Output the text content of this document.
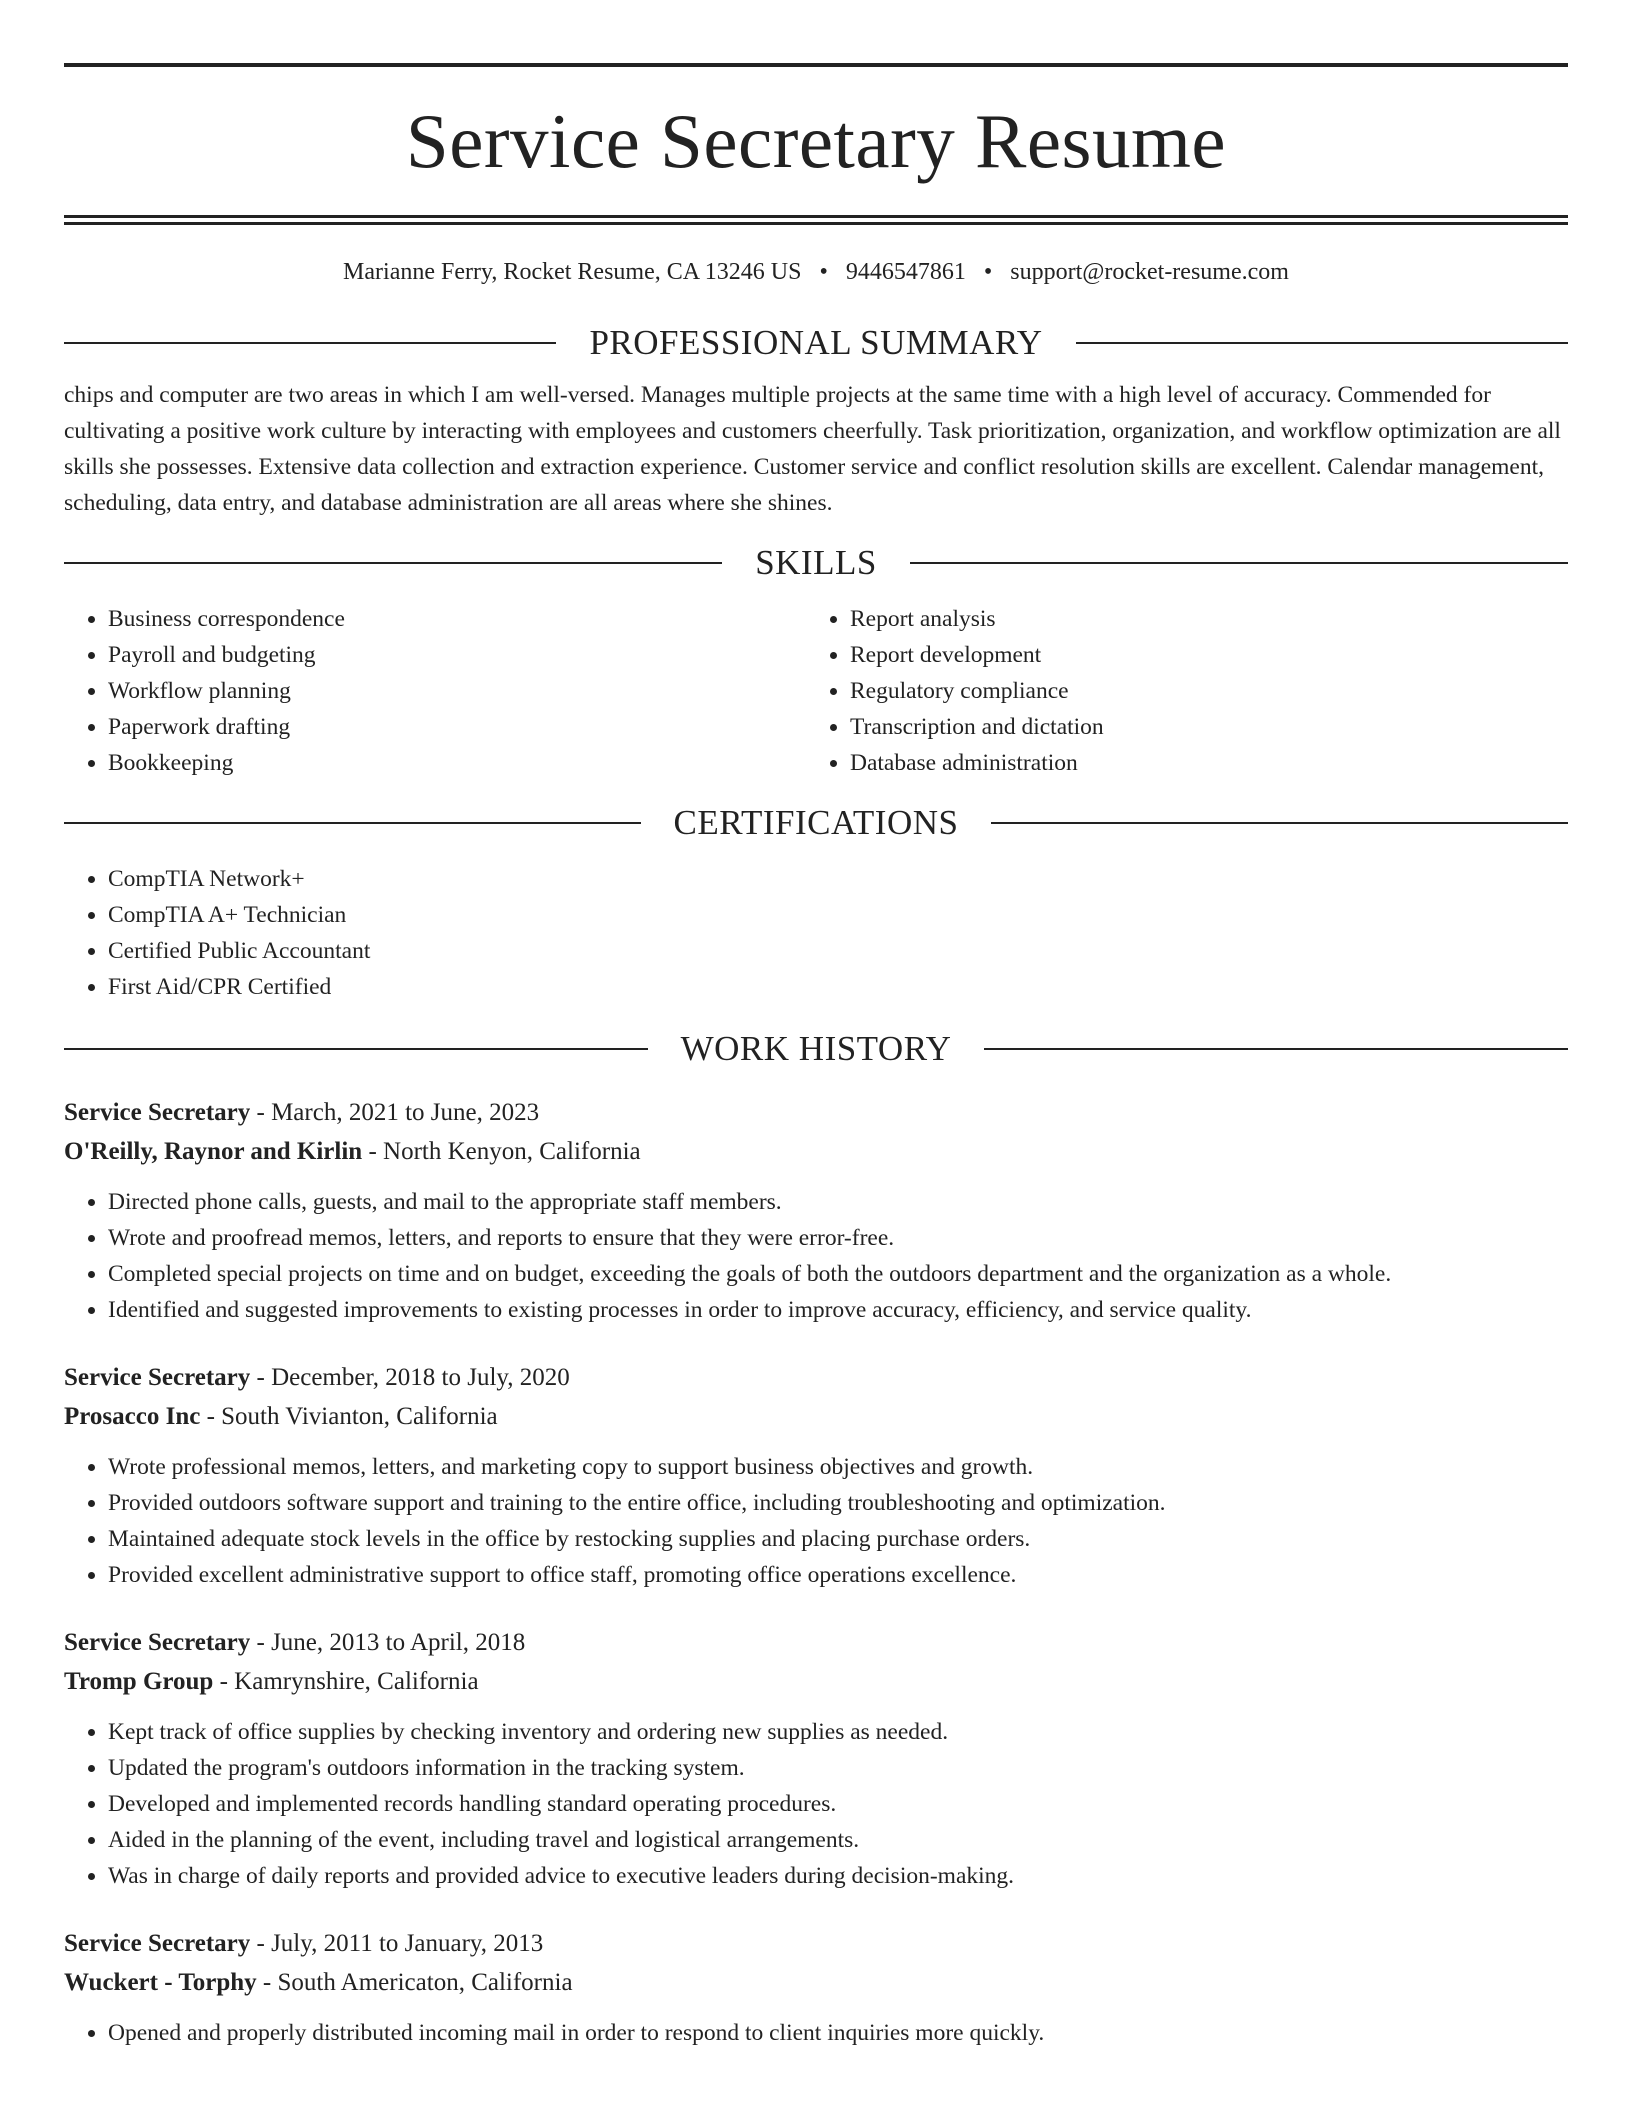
Service Secretary Resume
Marianne Ferry, Rocket Resume, CA 13246 US • 9446547861 • support@rocket-resume.com
PROFESSIONAL SUMMARY
chips and computer are two areas in which I am well-versed. Manages multiple projects at the same time with a high level of accuracy. Commended for cultivating a positive work culture by interacting with employees and customers cheerfully. Task prioritization, organization, and workflow optimization are all skills she possesses. Extensive data collection and extraction experience. Customer service and conflict resolution skills are excellent. Calendar management, scheduling, data entry, and database administration are all areas where she shines.
SKILLS
• Business correspondence
• Payroll and budgeting
• Workflow planning
• Paperwork drafting
• Bookkeeping
• Report analysis
• Report development
• Regulatory compliance
• Transcription and dictation
• Database administration
CERTIFICATIONS
• CompTIA Network+
• CompTIA A+ Technician
• Certified Public Accountant
• First Aid/CPR Certified
WORK HISTORY
Service Secretary - March, 2021 to June, 2023
O'Reilly, Raynor and Kirlin - North Kenyon, California
• Directed phone calls, guests, and mail to the appropriate staff members.
• Wrote and proofread memos, letters, and reports to ensure that they were error-free.
• Completed special projects on time and on budget, exceeding the goals of both the outdoors department and the organization as a whole.
• Identified and suggested improvements to existing processes in order to improve accuracy, efficiency, and service quality.
Service Secretary - December, 2018 to July, 2020
Prosacco Inc - South Vivianton, California
• Wrote professional memos, letters, and marketing copy to support business objectives and growth.
• Provided outdoors software support and training to the entire office, including troubleshooting and optimization.
• Maintained adequate stock levels in the office by restocking supplies and placing purchase orders.
• Provided excellent administrative support to office staff, promoting office operations excellence.
Service Secretary - June, 2013 to April, 2018
Tromp Group - Kamrynshire, California
• Kept track of office supplies by checking inventory and ordering new supplies as needed.
• Updated the program's outdoors information in the tracking system.
• Developed and implemented records handling standard operating procedures.
• Aided in the planning of the event, including travel and logistical arrangements.
• Was in charge of daily reports and provided advice to executive leaders during decision-making.
Service Secretary - July, 2011 to January, 2013
Wuckert - Torphy - South Americaton, California
• Opened and properly distributed incoming mail in order to respond to client inquiries more quickly.
